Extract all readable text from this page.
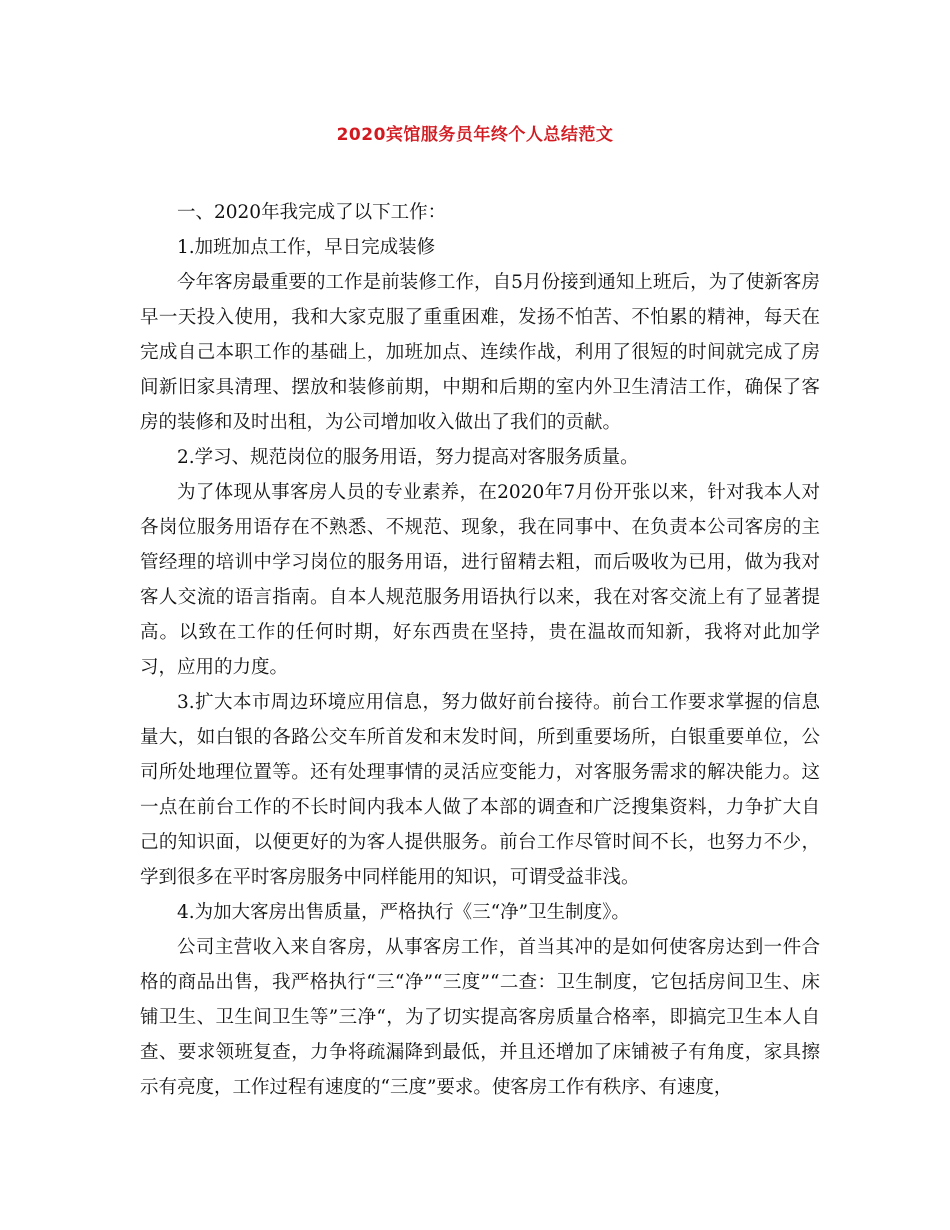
2020宾馆服务员年终个人总结范文

一、2020年我完成了以下工作：

1.加班加点工作，早日完成装修

今年客房最重要的工作是前装修工作，自5月份接到通知上班后，为了使新客房早一天投入使用，我和大家克服了重重困难，发扬不怕苦、不怕累的精神，每天在完成自己本职工作的基础上，加班加点、连续作战，利用了很短的时间就完成了房间新旧家具清理、摆放和装修前期，中期和后期的室内外卫生清洁工作，确保了客房的装修和及时出租，为公司增加收入做出了我们的贡献。

2.学习、规范岗位的服务用语，努力提高对客服务质量。

为了体现从事客房人员的专业素养，在2020年7月份开张以来，针对我本人对各岗位服务用语存在不熟悉、不规范、现象，我在同事中、在负责本公司客房的主管经理的培训中学习岗位的服务用语，进行留精去粗，而后吸收为已用，做为我对客人交流的语言指南。自本人规范服务用语执行以来，我在对客交流上有了显著提高。以致在工作的任何时期，好东西贵在坚持，贵在温故而知新，我将对此加学习，应用的力度。

3.扩大本市周边环境应用信息，努力做好前台接待。前台工作要求掌握的信息量大，如白银的各路公交车所首发和末发时间，所到重要场所，白银重要单位，公司所处地理位置等。还有处理事情的灵活应变能力，对客服务需求的解决能力。这一点在前台工作的不长时间内我本人做了本部的调查和广泛搜集资料，力争扩大自己的知识面，以便更好的为客人提供服务。前台工作尽管时间不长，也努力不少，学到很多在平时客房服务中同样能用的知识，可谓受益非浅。

4.为加大客房出售质量，严格执行《三“净”卫生制度》。

公司主营收入来自客房，从事客房工作，首当其冲的是如何使客房达到一件合格的商品出售，我严格执行“三“净”“三度”“二查：卫生制度，它包括房间卫生、床铺卫生、卫生间卫生等”三净“，为了切实提高客房质量合格率，即搞完卫生本人自查、要求领班复查，力争将疏漏降到最低，并且还增加了床铺被子有角度，家具擦示有亮度，工作过程有速度的“三度”要求。使客房工作有秩序、有速度，
